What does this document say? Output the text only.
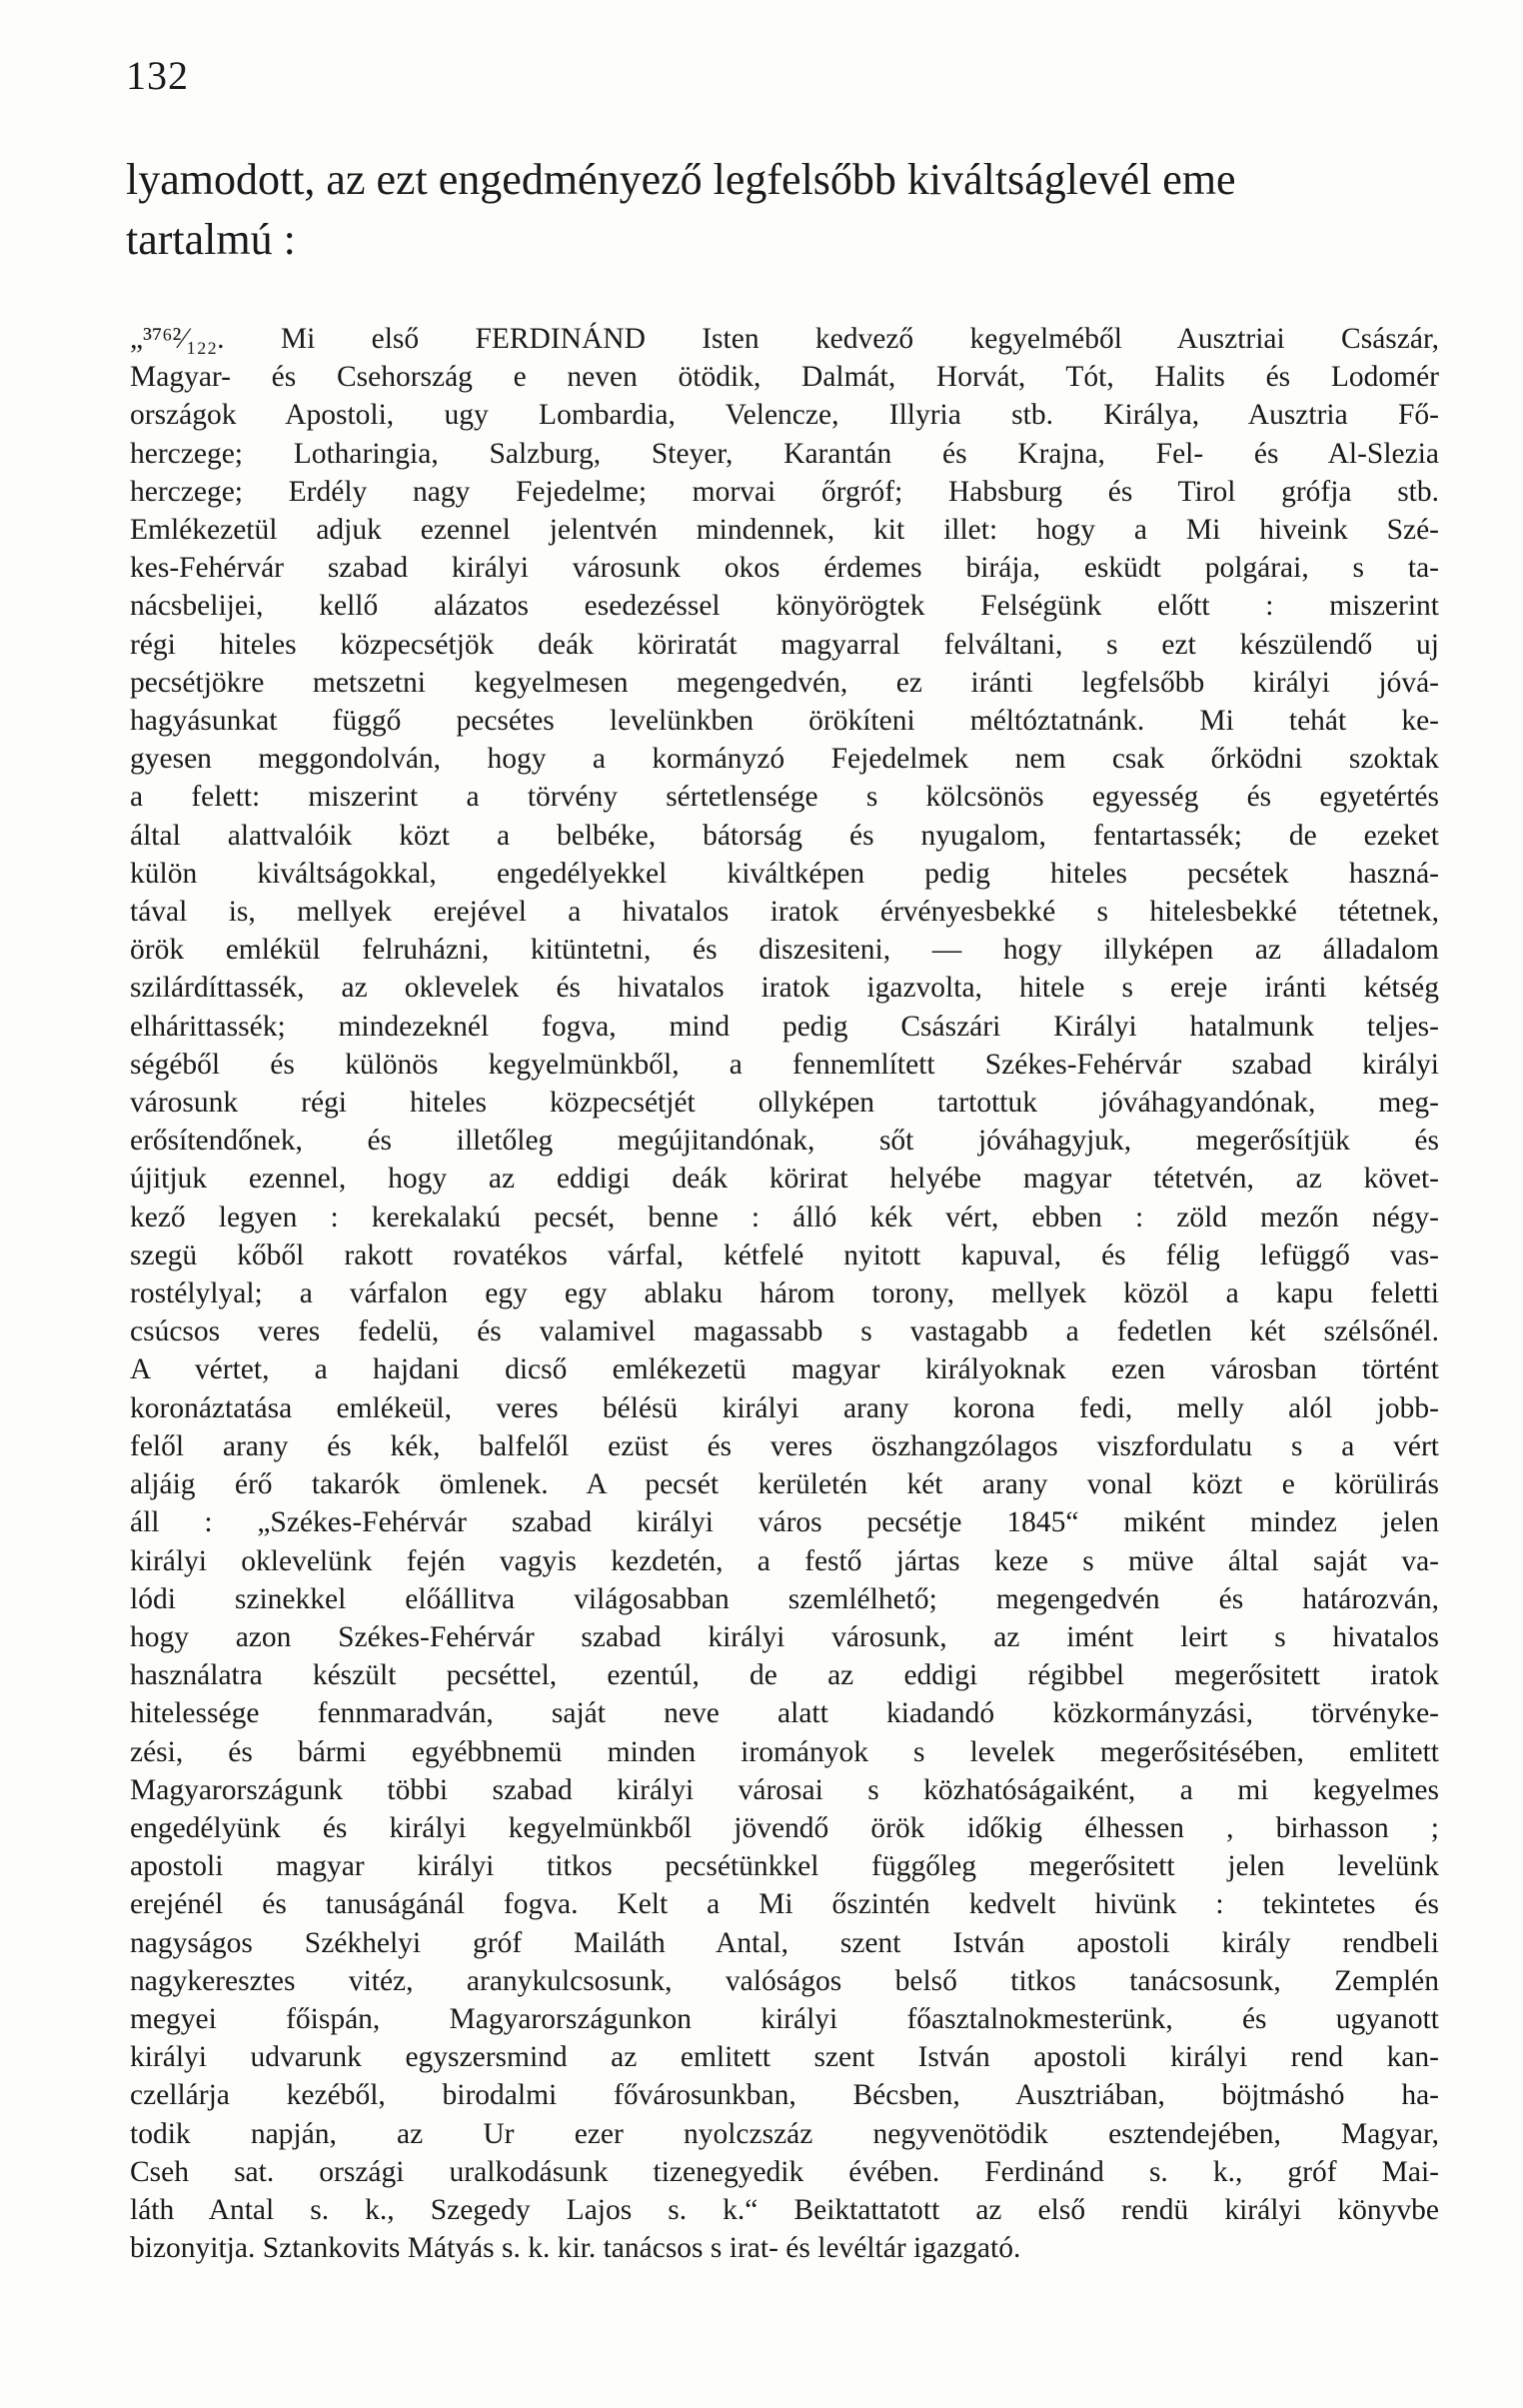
132
lyamodott, az ezt engedményező legfelsőbb kiváltságlevél eme
tartalmú :
„³⁷⁶²⁄₁₂₂. Mi első FERDINÁND Isten kedvező kegyelméből Ausztriai Császár,
Magyar- és Csehország e neven ötödik, Dalmát, Horvát, Tót, Halits és Lodomér
országok Apostoli, ugy Lombardia, Velencze, Illyria stb. Királya, Ausztria Fő-
herczege; Lotharingia, Salzburg, Steyer, Karantán és Krajna, Fel- és Al-Slezia
herczege; Erdély nagy Fejedelme; morvai őrgróf; Habsburg és Tirol grófja stb.
Emlékezetül adjuk ezennel jelentvén mindennek, kit illet: hogy a Mi hiveink Szé-
kes-Fehérvár szabad királyi városunk okos érdemes birája, esküdt polgárai, s ta-
nácsbelijei, kellő alázatos esedezéssel könyörögtek Felségünk előtt : miszerint
régi hiteles közpecsétjök deák köriratát magyarral felváltani, s ezt készülendő uj
pecsétjökre metszetni kegyelmesen megengedvén, ez iránti legfelsőbb királyi jóvá-
hagyásunkat függő pecsétes levelünkben örökíteni méltóztatnánk. Mi tehát ke-
gyesen meggondolván, hogy a kormányzó Fejedelmek nem csak őrködni szoktak
a felett: miszerint a törvény sértetlensége s kölcsönös egyesség és egyetértés
által alattvalóik közt a belbéke, bátorság és nyugalom, fentartassék; de ezeket
külön kiváltságokkal, engedélyekkel kiváltképen pedig hiteles pecsétek haszná-
tával is, mellyek erejével a hivatalos iratok érvényesbekké s hitelesbekké tétetnek,
örök emlékül felruházni, kitüntetni, és diszesiteni, — hogy illyképen az álladalom
szilárdíttassék, az oklevelek és hivatalos iratok igazvolta, hitele s ereje iránti kétség
elhárittassék; mindezeknél fogva, mind pedig Császári Királyi hatalmunk teljes-
ségéből és különös kegyelmünkből, a fennemlített Székes-Fehérvár szabad királyi
városunk régi hiteles közpecsétjét ollyképen tartottuk jóváhagyandónak, meg-
erősítendőnek, és illetőleg megújitandónak, sőt jóváhagyjuk, megerősítjük és
újitjuk ezennel, hogy az eddigi deák körirat helyébe magyar tétetvén, az követ-
kező legyen : kerekalakú pecsét, benne : álló kék vért, ebben : zöld mezőn négy-
szegü kőből rakott rovatékos várfal, kétfelé nyitott kapuval, és félig lefüggő vas-
rostélylyal; a várfalon egy egy ablaku három torony, mellyek közöl a kapu feletti
csúcsos veres fedelü, és valamivel magassabb s vastagabb a fedetlen két szélsőnél.
A vértet, a hajdani dicső emlékezetü magyar királyoknak ezen városban történt
koronáztatása emlékeül, veres bélésü királyi arany korona fedi, melly alól jobb-
felől arany és kék, balfelől ezüst és veres öszhangzólagos viszfordulatu s a vért
aljáig érő takarók ömlenek. A pecsét kerületén két arany vonal közt e körülirás
áll : „Székes-Fehérvár szabad királyi város pecsétje 1845“ miként mindez jelen
királyi oklevelünk fején vagyis kezdetén, a festő jártas keze s müve által saját va-
lódi szinekkel előállitva világosabban szemlélhető; megengedvén és határozván,
hogy azon Székes-Fehérvár szabad királyi városunk, az imént leirt s hivatalos
használatra készült pecséttel, ezentúl, de az eddigi régibbel megerősitett iratok
hitelessége fennmaradván, saját neve alatt kiadandó közkormányzási, törvényke-
zési, és bármi egyébbnemü minden irományok s levelek megerősitésében, emlitett
Magyarországunk többi szabad királyi városai s közhatóságaiként, a mi kegyelmes
engedélyünk és királyi kegyelmünkből jövendő örök időkig élhessen , birhasson ;
apostoli magyar királyi titkos pecsétünkkel függőleg megerősitett jelen levelünk
erejénél és tanuságánál fogva. Kelt a Mi őszintén kedvelt hivünk : tekintetes és
nagyságos Székhelyi gróf Mailáth Antal, szent István apostoli király rendbeli
nagykeresztes vitéz, aranykulcsosunk, valóságos belső titkos tanácsosunk, Zemplén
megyei főispán, Magyarországunkon királyi főasztalnokmesterünk, és ugyanott
királyi udvarunk egyszersmind az emlitett szent István apostoli királyi rend kan-
czellárja kezéből, birodalmi fővárosunkban, Bécsben, Ausztriában, böjtmáshó ha-
todik napján, az Ur ezer nyolczszáz negyvenötödik esztendejében, Magyar,
Cseh sat. országi uralkodásunk tizenegyedik évében. Ferdinánd s. k., gróf Mai-
láth Antal s. k., Szegedy Lajos s. k.“ Beiktattatott az első rendü királyi könyvbe
bizonyitja. Sztankovits Mátyás s. k. kir. tanácsos s irat- és levéltár igazgató.
